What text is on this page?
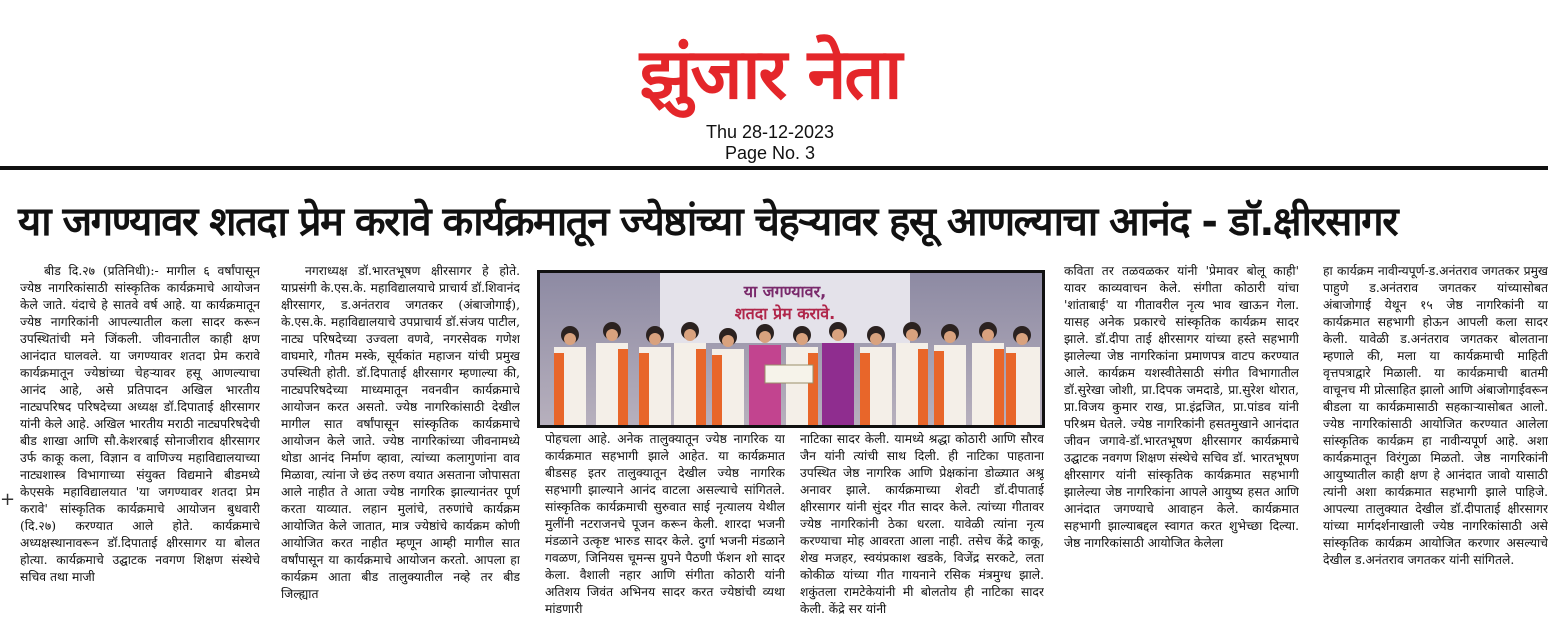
झुंजार नेता
Thu 28-12-2023
Page No. 3
+
या जगण्यावर शतदा प्रेम करावे कार्यक्रमातून ज्येष्ठांच्या चेहऱ्यावर हसू आणल्याचा आनंद - डॉ.क्षीरसागर

बीड दि.२७ (प्रतिनिधी):- मागील ६ वर्षांपासून ज्येष्ठ नागरिकांसाठी सांस्कृतिक कार्यक्रमाचे आयोजन केले जाते. यंदाचे हे सातवे वर्ष आहे. या कार्यक्रमातून ज्येष्ठ नागरिकांनी आपल्यातील कला सादर करून उपस्थितांची मने जिंकली. जीवनातील काही क्षण आनंदात घालवले. या जगण्यावर शतदा प्रेम करावे कार्यक्रमातून ज्येष्ठांच्या चेहऱ्यावर हसू आणल्याचा आनंद आहे, असे प्रतिपादन अखिल भारतीय नाट्यपरिषद परिषदेच्या अध्यक्ष डॉ.दिपाताई क्षीरसागर यांनी केले आहे. अखिल भारतीय मराठी नाट्यपरिषदेची बीड शाखा आणि सौ.केशरबाई सोनाजीराव क्षीरसागर उर्फ काकू कला, विज्ञान व वाणिज्य महाविद्यालयाच्या नाट्यशास्त्र विभागाच्या संयुक्त विद्यमाने बीडमध्ये केएसके महाविद्यालयात 'या जगण्यावर शतदा प्रेम करावे' सांस्कृतिक कार्यक्रमाचे आयोजन बुधवारी (दि.२७) करण्यात आले होते. कार्यक्रमाचे अध्यक्षस्थानावरून डॉ.दिपाताई क्षीरसागर या बोलत होत्या. कार्यक्रमाचे उद्घाटक नवगण शिक्षण संस्थेचे सचिव तथा माजी

नगराध्यक्ष डॉ.भारतभूषण क्षीरसागर हे होते. याप्रसंगी के.एस.के. महाविद्यालयाचे प्राचार्य डॉ.शिवानंद क्षीरसागर, ड.अनंतराव जगतकर (अंबाजोगाई), के.एस.के. महाविद्यालयाचे उपप्राचार्य डॉ.संजय पाटील, नाट्य परिषदेच्या उज्वला वणवे, नगरसेवक गणेश वाघमारे, गौतम मस्के, सूर्यकांत महाजन यांची प्रमुख उपस्थिती होती. डॉ.दिपाताई क्षीरसागर म्हणाल्या की, नाट्यपरिषदेच्या माध्यमातून नवनवीन कार्यक्रमाचे आयोजन करत असतो. ज्येष्ठ नागरिकांसाठी देखील मागील सात वर्षांपासून सांस्कृतिक कार्यक्रमाचे आयोजन केले जाते. ज्येष्ठ नागरिकांच्या जीवनामध्ये थोडा आनंद निर्माण व्हावा, त्यांच्या कलागुणांना वाव मिळावा, त्यांना जे छंद तरुण वयात असताना जोपासता आले नाहीत ते आता ज्येष्ठ नागरिक झाल्यानंतर पूर्ण करता याव्यात. लहान मुलांचे, तरुणांचे कार्यक्रम आयोजित केले जातात, मात्र ज्येष्ठांचे कार्यक्रम कोणी आयोजित करत नाहीत म्हणून आम्ही मागील सात वर्षांपासून या कार्यक्रमाचे आयोजन करतो. आपला हा कार्यक्रम आता बीड तालुक्यातील नव्हे तर बीड जिल्ह्यात

या जगण्यावर,
शतदा प्रेम करावे.

पोहचला आहे. अनेक तालुक्यातून ज्येष्ठ नागरिक या कार्यक्रमात सहभागी झाले आहेत. या कार्यक्रमात बीडसह इतर तालुक्यातून देखील ज्येष्ठ नागरिक सहभागी झाल्याने आनंद वाटला असल्याचे सांगितले. सांस्कृतिक कार्यक्रमाची सुरुवात साई नृत्यालय येथील मुलींनी नटराजनचे पूजन करून केली. शारदा भजनी मंडळाने उत्कृष्ट भारुड सादर केले. दुर्गा भजनी मंडळाने गवळण, जिनियस चूमन्स ग्रुपने पैठणी फॅशन शो सादर केला. वैशाली नहार आणि संगीता कोठारी यांनी अतिशय जिवंत अभिनय सादर करत ज्येष्ठांची व्यथा मांडणारी

नाटिका सादर केली. यामध्ये श्रद्धा कोठारी आणि सौरव जैन यांनी त्यांची साथ दिली. ही नाटिका पाहताना उपस्थित जेष्ठ नागरिक आणि प्रेक्षकांना डोळ्यात अश्रू अनावर झाले. कार्यक्रमाच्या शेवटी डॉ.दीपाताई क्षीरसागर यांनी सुंदर गीत सादर केले. त्यांच्या गीतावर ज्येष्ठ नागरिकांनी ठेका धरला. यावेळी त्यांना नृत्य करण्याचा मोह आवरता आला नाही. तसेच केंद्रे काकू, शेख मजहर, स्वयंप्रकाश खडके, विजेंद्र सरकटे, लता कोकीळ यांच्या गीत गायनाने रसिक मंत्रमुग्ध झाले. शकुंतला रामटेकेयांनी मी बोलतोय ही नाटिका सादर केली. केंद्रे सर यांनी

कविता तर तळवळकर यांनी 'प्रेमावर बोलू काही' यावर काव्यवाचन केले. संगीता कोठारी यांचा 'शांताबाई' या गीतावरील नृत्य भाव खाऊन गेला. यासह अनेक प्रकारचे सांस्कृतिक कार्यक्रम सादर झाले. डॉ.दीपा ताई क्षीरसागर यांच्या हस्ते सहभागी झालेल्या जेष्ठ नागरिकांना प्रमाणपत्र वाटप करण्यात आले. कार्यक्रम यशस्वीतेसाठी संगीत विभागातील डॉ.सुरेखा जोशी, प्रा.दिपक जमदाडे, प्रा.सुरेश थोरात, प्रा.विजय कुमार राख, प्रा.इंद्रजित, प्रा.पांडव यांनी परिश्रम घेतले. ज्येष्ठ नागरिकांनी हसतमुखाने आनंदात जीवन जगावे-डॉ.भारतभूषण क्षीरसागर कार्यक्रमाचे उद्घाटक नवगण शिक्षण संस्थेचे सचिव डॉ. भारतभूषण क्षीरसागर यांनी सांस्कृतिक कार्यक्रमात सहभागी झालेल्या जेष्ठ नागरिकांना आपले आयुष्य हसत आणि आनंदात जगण्याचे आवाहन केले. कार्यक्रमात सहभागी झाल्याबद्दल स्वागत करत शुभेच्छा दिल्या. जेष्ठ नागरिकांसाठी आयोजित केलेला

हा कार्यक्रम नावीन्यपूर्ण-ड.अनंतराव जगतकर प्रमुख पाहुणे ड.अनंतराव जगतकर यांच्यासोबत अंबाजोगाई येथून १५ जेष्ठ नागरिकांनी या कार्यक्रमात सहभागी होऊन आपली कला सादर केली. यावेळी ड.अनंतराव जगतकर बोलताना म्हणाले की, मला या कार्यक्रमाची माहिती वृत्तपत्राद्वारे मिळाली. या कार्यक्रमाची बातमी वाचूनच मी प्रोत्साहित झालो आणि अंबाजोगाईवरून बीडला या कार्यक्रमासाठी सहकाऱ्यासोबत आलो. ज्येष्ठ नागरिकांसाठी आयोजित करण्यात आलेला सांस्कृतिक कार्यक्रम हा नावीन्यपूर्ण आहे. अशा कार्यक्रमातून विरंगुळा मिळतो. जेष्ठ नागरिकांनी आयुष्यातील काही क्षण हे आनंदात जावो यासाठी त्यांनी अशा कार्यक्रमात सहभागी झाले पाहिजे. आपल्या तालुक्यात देखील डॉ.दीपाताई क्षीरसागर यांच्या मार्गदर्शनाखाली ज्येष्ठ नागरिकांसाठी असे सांस्कृतिक कार्यक्रम आयोजित करणार असल्याचे देखील ड.अनंतराव जगतकर यांनी सांगितले.
